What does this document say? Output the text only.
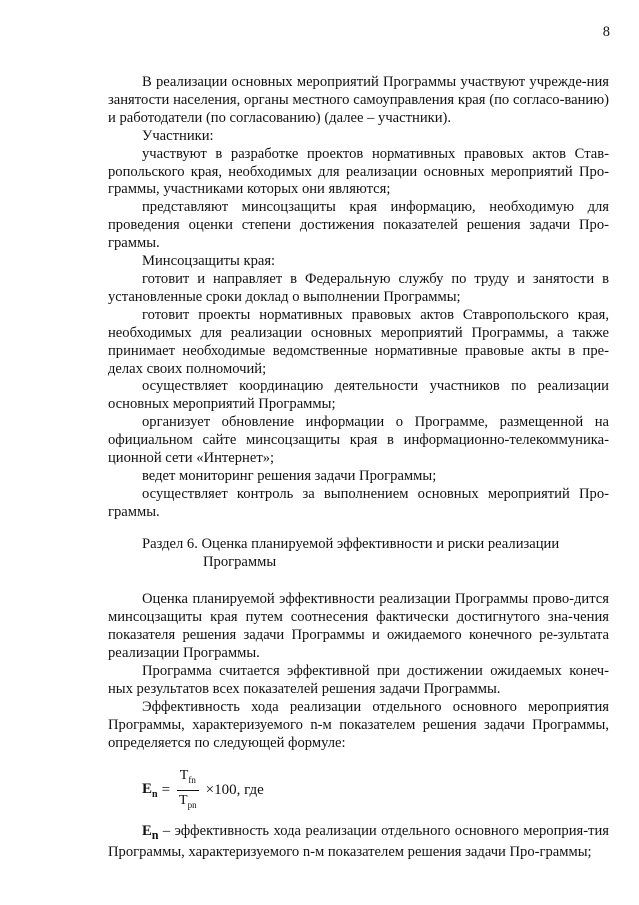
8

В реализации основных мероприятий Программы участвуют учрежде-ния занятости населения, органы местного самоуправления края (по согласо-ванию) и работодатели (по согласованию) (далее – участники).

Участники:

участвуют в разработке проектов нормативных правовых актов Став-ропольского края, необходимых для реализации основных мероприятий Про-граммы, участниками которых они являются;

представляют минсоцзащиты края информацию, необходимую для проведения оценки степени достижения показателей решения задачи Про-граммы.

Минсоцзащиты края:

готовит и направляет в Федеральную службу по труду и занятости в установленные сроки доклад о выполнении Программы;

готовит проекты нормативных правовых актов Ставропольского края, необходимых для реализации основных мероприятий Программы, а также принимает необходимые ведомственные нормативные правовые акты в пре-делах своих полномочий;

осуществляет координацию деятельности участников по реализации основных мероприятий Программы;

организует обновление информации о Программе, размещенной на официальном сайте минсоцзащиты края в информационно-телекоммуника-ционной сети «Интернет»;

ведет мониторинг решения задачи Программы;

осуществляет контроль за выполнением основных мероприятий Про-граммы.

Раздел 6. Оценка планируемой эффективности и риски реализации
Программы

Оценка планируемой эффективности реализации Программы прово-дится минсоцзащиты края путем соотнесения фактически достигнутого зна-чения показателя решения задачи Программы и ожидаемого конечного ре-зультата реализации Программы.

Программа считается эффективной при достижении ожидаемых конеч-ных результатов всех показателей решения задачи Программы.

Эффективность хода реализации отдельного основного мероприятия Программы, характеризуемого n-м показателем решения задачи Программы, определяется по следующей формуле:

$E_n = \frac{T_{fn}}{T_{pn}} \times 100$, где

$E_n$ – эффективность хода реализации отдельного основного мероприя-тия Программы, характеризуемого n-м показателем решения задачи Про-граммы;
